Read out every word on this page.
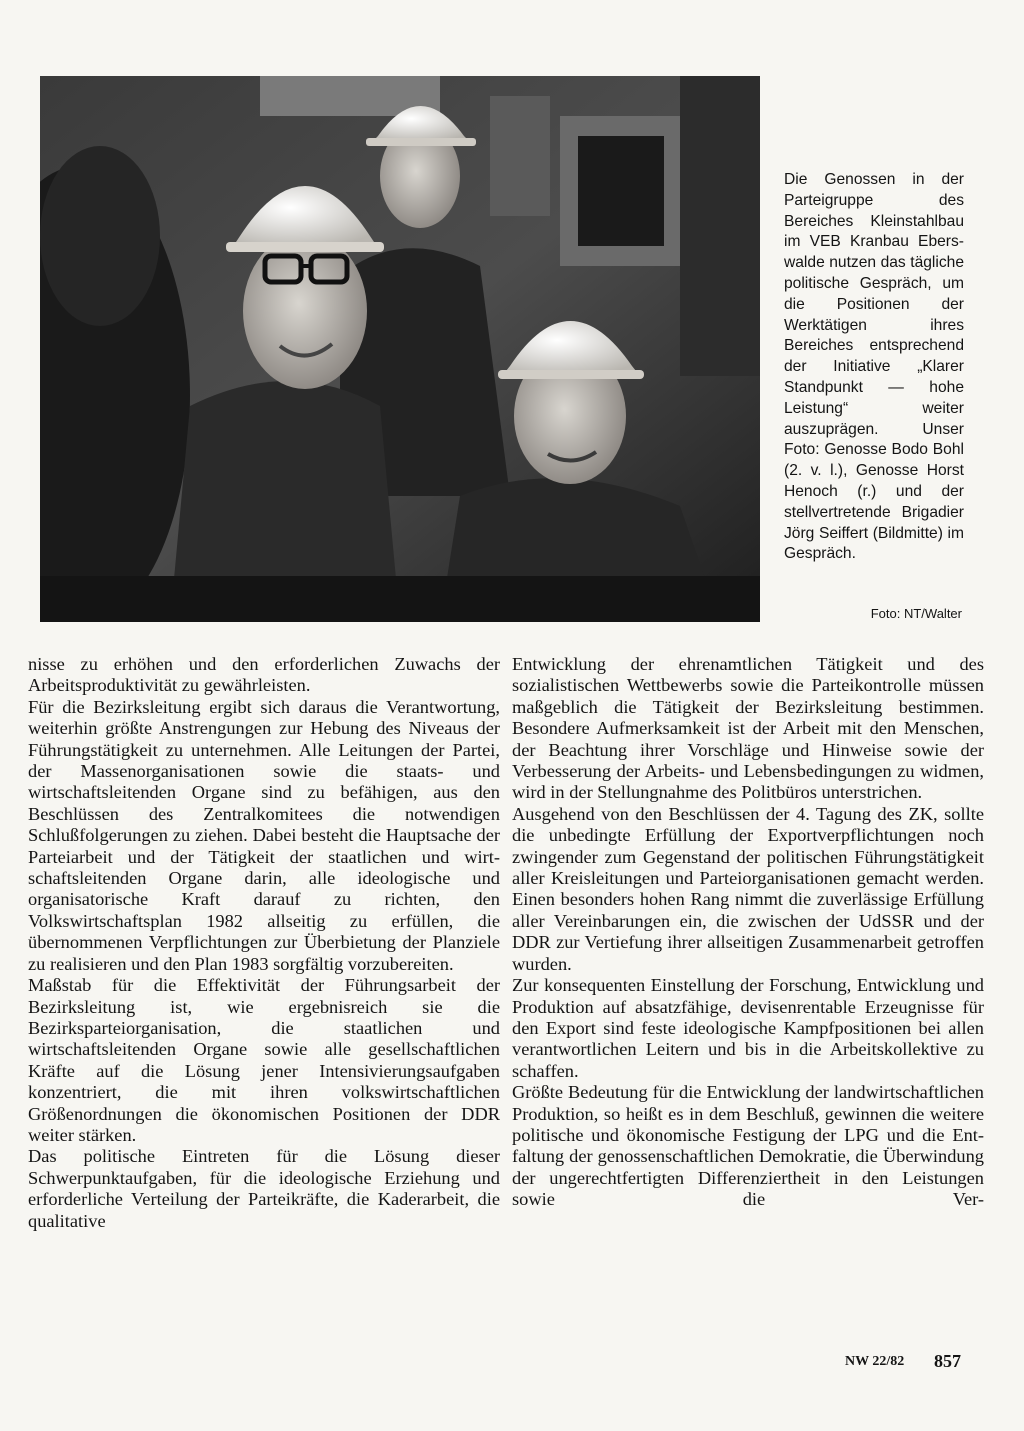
Die Genossen in der Parteigruppe des Bereiches Kleinstahlbau im VEB Kranbau Eberswalde nutzen das tägliche politische Gespräch, um die Positionen der Werktätigen ihres Bereiches entsprechend der Initiative „Klarer Standpunkt — hohe Leistung“ weiter auszuprägen. Unser Foto: Genosse Bodo Bohl (2. v. l.), Genosse Horst Henoch (r.) und der stellvertretende Brigadier Jörg Seiffert (Bildmitte) im Gespräch.

Foto: NT/Walter

nisse zu erhöhen und den erforderlichen Zuwachs der Arbeitsproduktivität zu gewährleisten.

Für die Bezirksleitung ergibt sich daraus die Verantwortung, weiterhin größte Anstrengungen zur Hebung des Niveaus der Führungstätigkeit zu unternehmen. Alle Leitungen der Partei, der Massenorganisationen sowie die staats- und wirtschaftsleitenden Organe sind zu befähigen, aus den Beschlüssen des Zentralkomitees die notwendigen Schlußfolgerungen zu ziehen. Dabei besteht die Hauptsache der Parteiarbeit und der Tätigkeit der staatlichen und wirtschaftsleitenden Organe darin, alle ideologische und organisatorische Kraft darauf zu richten, den Volkswirtschaftsplan 1982 allseitig zu erfüllen, die übernommenen Verpflichtungen zur Überbietung der Planziele zu realisieren und den Plan 1983 sorgfältig vorzubereiten.

Maßstab für die Effektivität der Führungsarbeit der Bezirksleitung ist, wie ergebnisreich sie die Bezirksparteiorganisation, die staatlichen und wirtschaftsleitenden Organe sowie alle gesellschaftlichen Kräfte auf die Lösung jener Intensivierungsaufgaben konzentriert, die mit ihren volkswirtschaftlichen Größenordnungen die ökonomischen Positionen der DDR weiter stärken.

Das politische Eintreten für die Lösung dieser Schwerpunktaufgaben, für die ideologische Erziehung und erforderliche Verteilung der Parteikräfte, die Kaderarbeit, die qualitative

Entwicklung der ehrenamtlichen Tätigkeit und des sozialistischen Wettbewerbs sowie die Parteikontrolle müssen maßgeblich die Tätigkeit der Bezirksleitung bestimmen. Besondere Aufmerksamkeit ist der Arbeit mit den Menschen, der Beachtung ihrer Vorschläge und Hinweise sowie der Verbesserung der Arbeits- und Lebensbedingungen zu widmen, wird in der Stellungnahme des Politbüros unterstrichen.

Ausgehend von den Beschlüssen der 4. Tagung des ZK, sollte die unbedingte Erfüllung der Exportverpflichtungen noch zwingender zum Gegenstand der politischen Führungstätigkeit aller Kreisleitungen und Parteiorganisationen gemacht werden. Einen besonders hohen Rang nimmt die zuverlässige Erfüllung aller Vereinbarungen ein, die zwischen der UdSSR und der DDR zur Vertiefung ihrer allseitigen Zusammenarbeit getroffen wurden.

Zur konsequenten Einstellung der Forschung, Entwicklung und Produktion auf absatzfähige, devisenrentable Erzeugnisse für den Export sind feste ideologische Kampfpositionen bei allen verantwortlichen Leitern und bis in die Arbeitskollektive zu schaffen.

Größte Bedeutung für die Entwicklung der landwirtschaftlichen Produktion, so heißt es in dem Beschluß, gewinnen die weitere politische und ökonomische Festigung der LPG und die Entfaltung der genossenschaftlichen Demokratie, die Überwindung der ungerechtfertigten Differenziertheit in den Leistungen sowie die Ver-

NW 22/82 857
